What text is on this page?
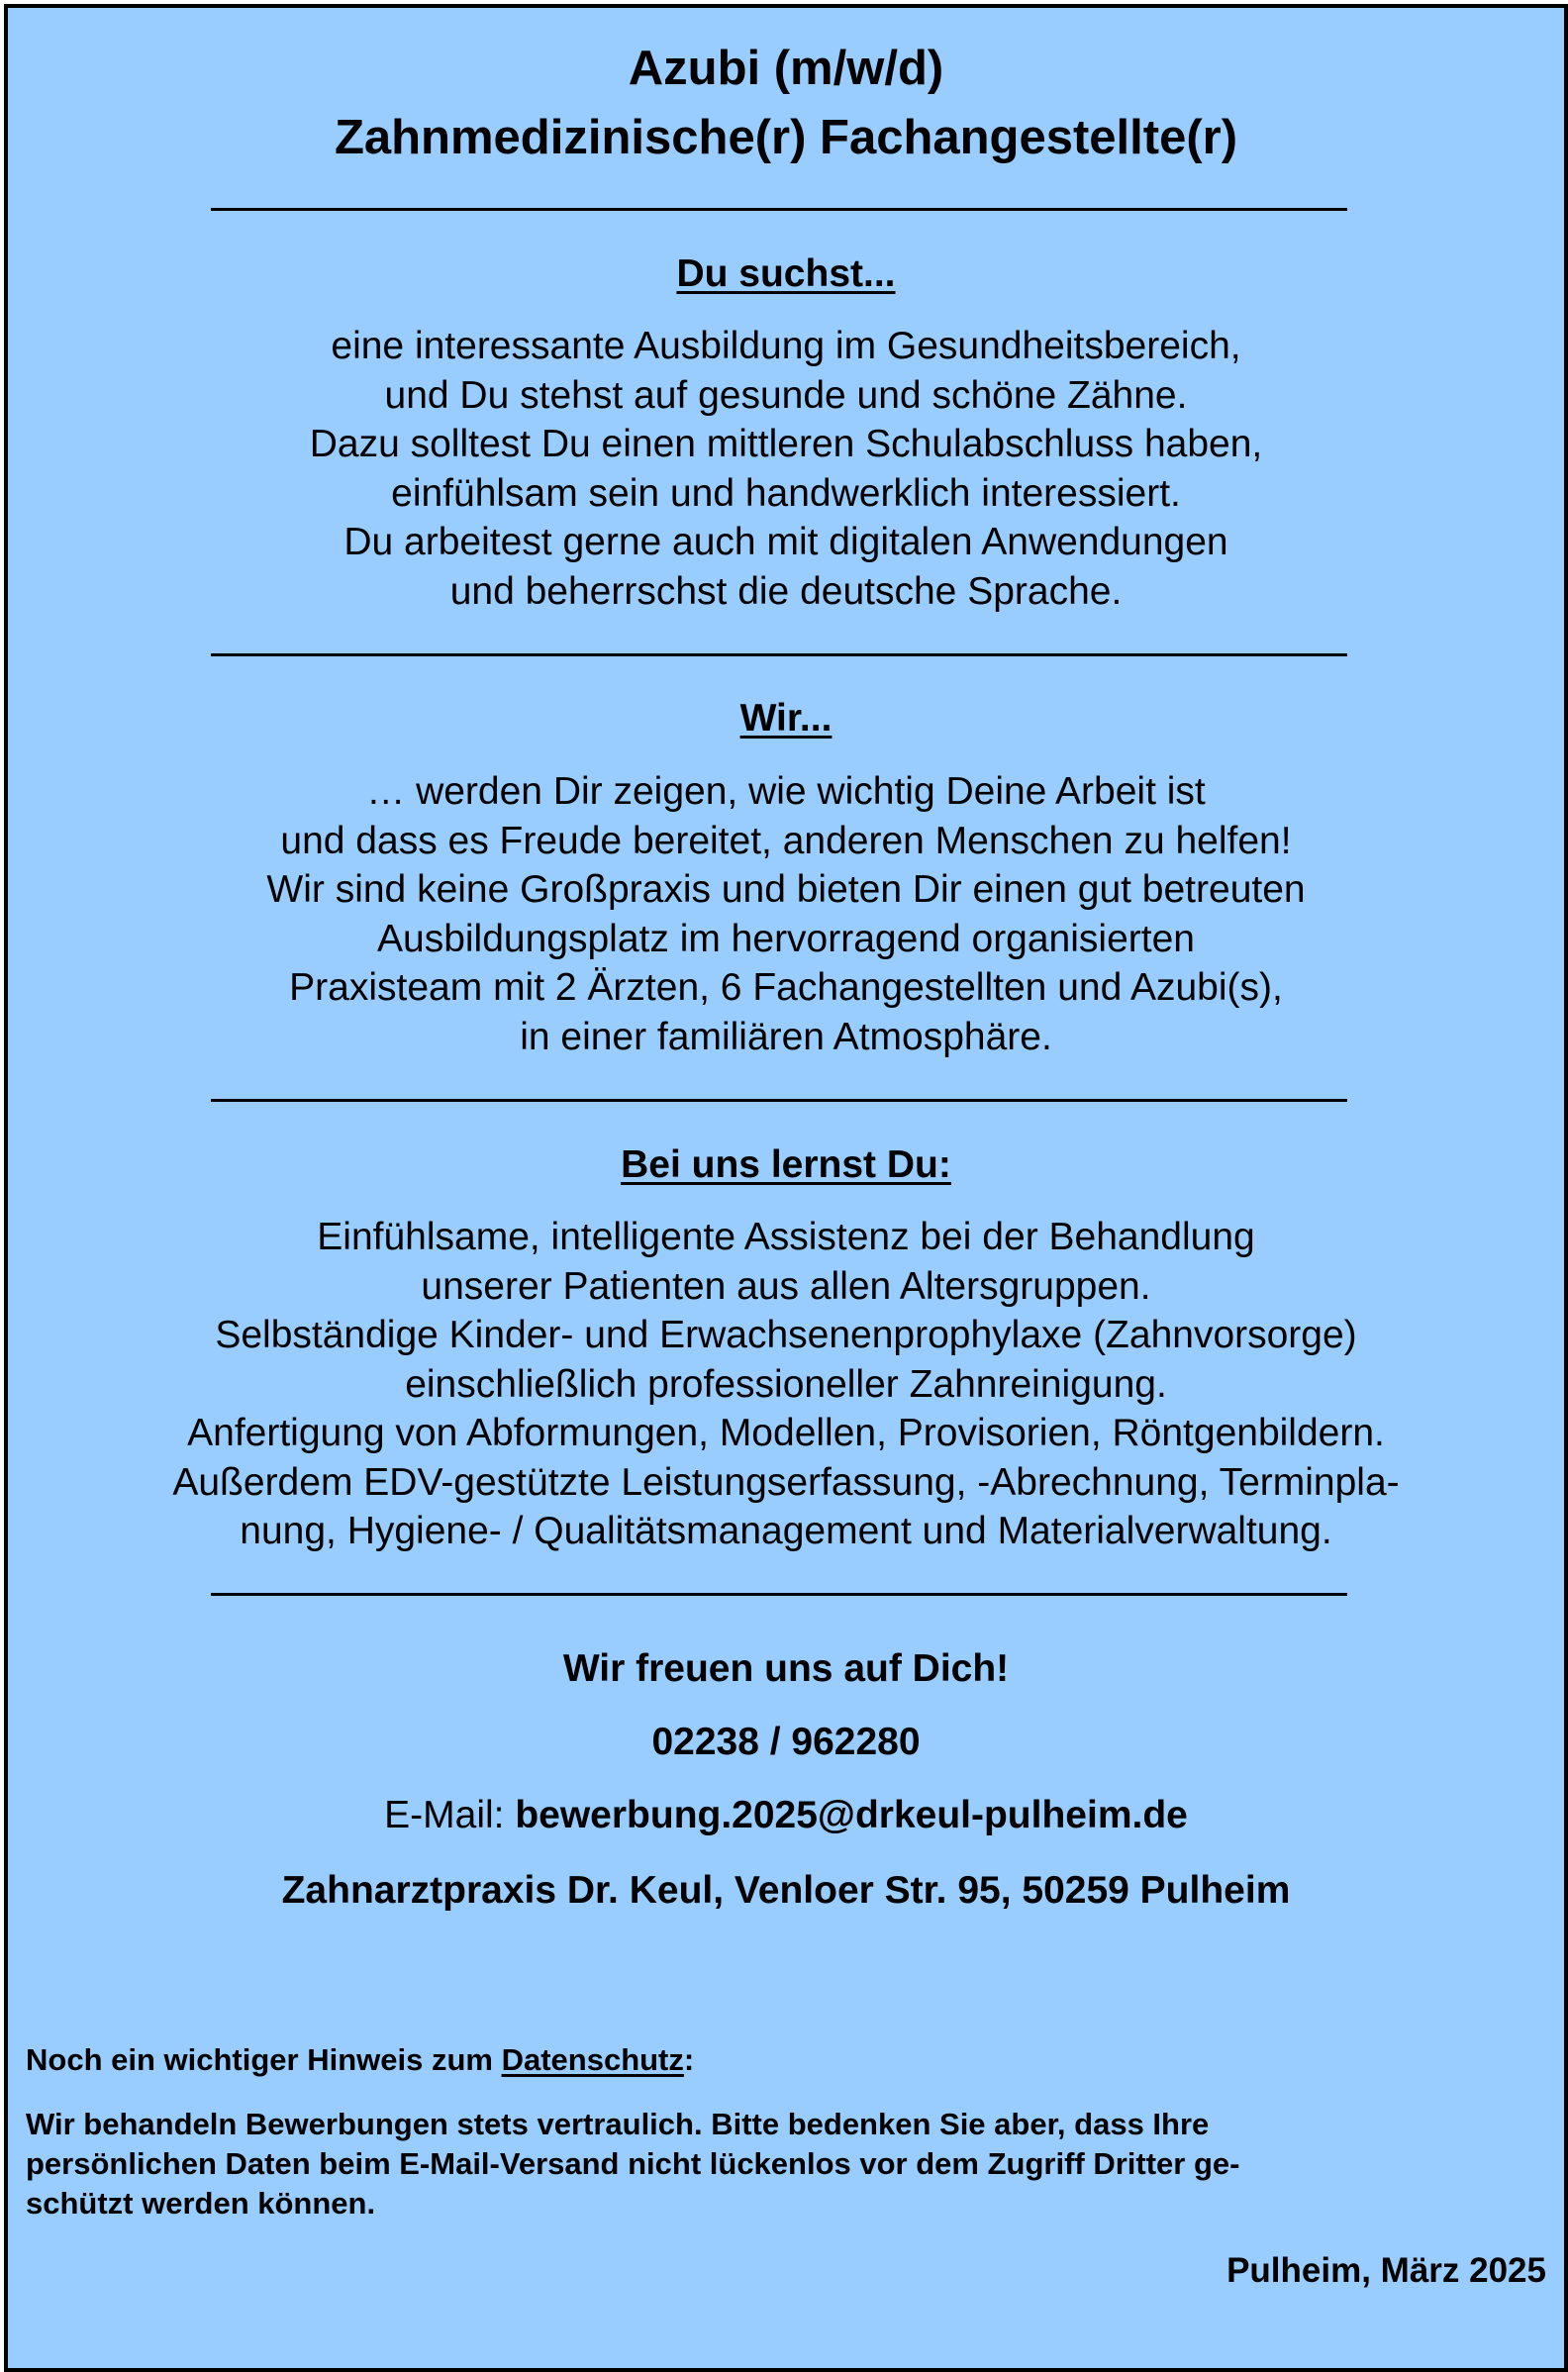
Azubi (m/w/d)
Zahnmedizinische(r) Fachangestellte(r)
Du suchst...
eine interessante Ausbildung im Gesundheitsbereich,
und Du stehst auf gesunde und schöne Zähne.
Dazu solltest Du einen mittleren Schulabschluss haben,
einfühlsam sein und handwerklich interessiert.
Du arbeitest gerne auch mit digitalen Anwendungen
und beherrschst die deutsche Sprache.
Wir...
… werden Dir zeigen, wie wichtig Deine Arbeit ist
und dass es Freude bereitet, anderen Menschen zu helfen!
Wir sind keine Großpraxis und bieten Dir einen gut betreuten
Ausbildungsplatz im hervorragend organisierten
Praxisteam mit 2 Ärzten, 6 Fachangestellten und Azubi(s),
in einer familiären Atmosphäre.
Bei uns lernst Du:
Einfühlsame, intelligente Assistenz bei der Behandlung
unserer Patienten aus allen Altersgruppen.
Selbständige Kinder- und Erwachsenenprophylaxe (Zahnvorsorge)
einschließlich professioneller Zahnreinigung.
Anfertigung von Abformungen, Modellen, Provisorien, Röntgenbildern.
Außerdem EDV-gestützte Leistungserfassung, -Abrechnung, Terminpla-
nung, Hygiene- / Qualitätsmanagement und Materialverwaltung.
Wir freuen uns auf Dich!
02238 / 962280
E-Mail: bewerbung.2025@drkeul-pulheim.de
Zahnarztpraxis Dr. Keul, Venloer Str. 95, 50259 Pulheim
Noch ein wichtiger Hinweis zum Datenschutz:
Wir behandeln Bewerbungen stets vertraulich. Bitte bedenken Sie aber, dass Ihre
persönlichen Daten beim E-Mail-Versand nicht lückenlos vor dem Zugriff Dritter ge-
schützt werden können.
Pulheim, März 2025
